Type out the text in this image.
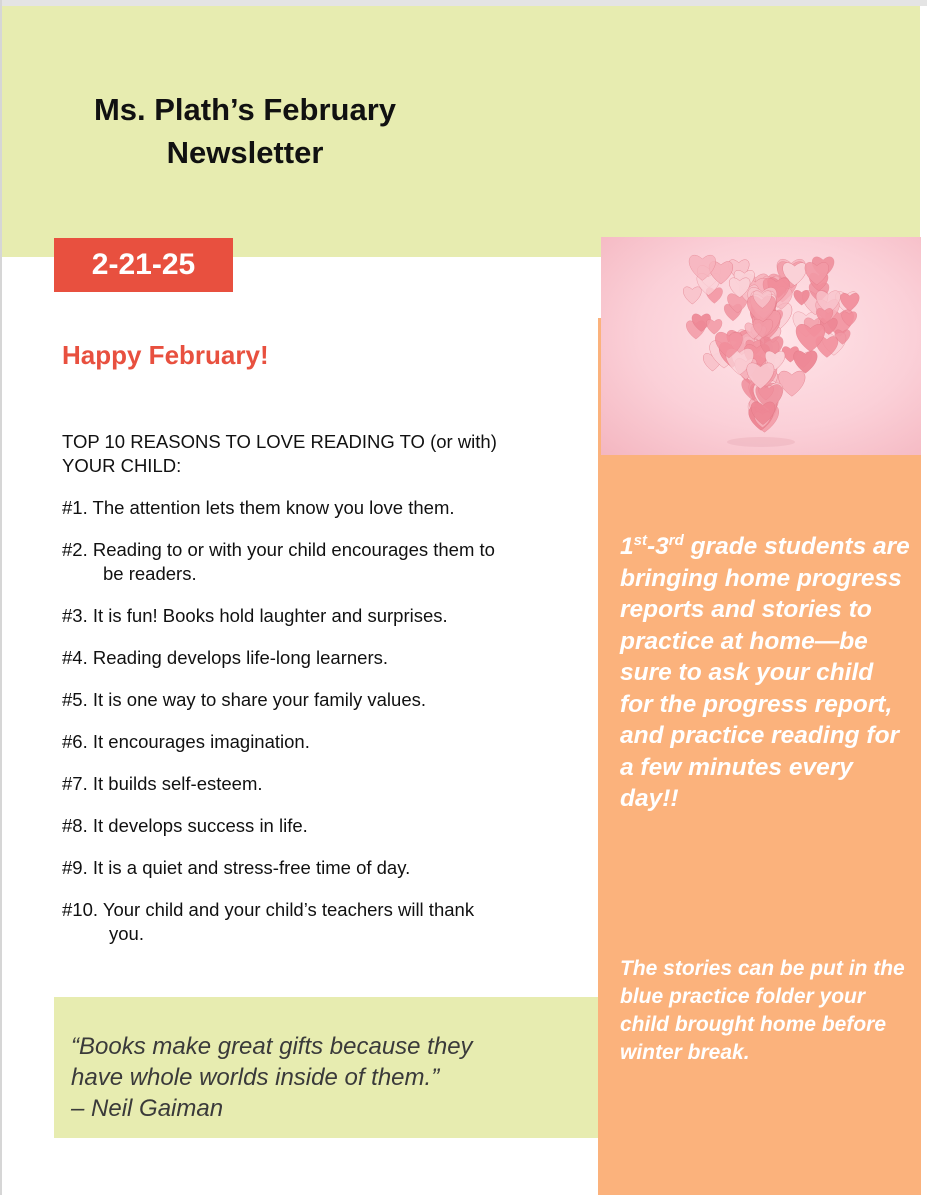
Ms. Plath’s February
Newsletter
2-21-25
Happy February!
TOP 10 REASONS TO LOVE READING TO (or with)
YOUR CHILD:
#1. The attention lets them know you love them.
#2. Reading to or with your child encourages them to
be readers.
#3. It is fun! Books hold laughter and surprises.
#4. Reading develops life-long learners.
#5. It is one way to share your family values.
#6. It encourages imagination.
#7. It builds self-esteem.
#8. It develops success in life.
#9. It is a quiet and stress-free time of day.
#10. Your child and your child’s teachers will thank
you.
“Books make great gifts because they
have whole worlds inside of them.”
– Neil Gaiman
1st-3rd grade students are bringing home progress reports and stories to practice at home—be sure to ask your child for the progress report, and practice reading for a few minutes every day!!
The stories can be put in the blue practice folder your child brought home before winter break.
